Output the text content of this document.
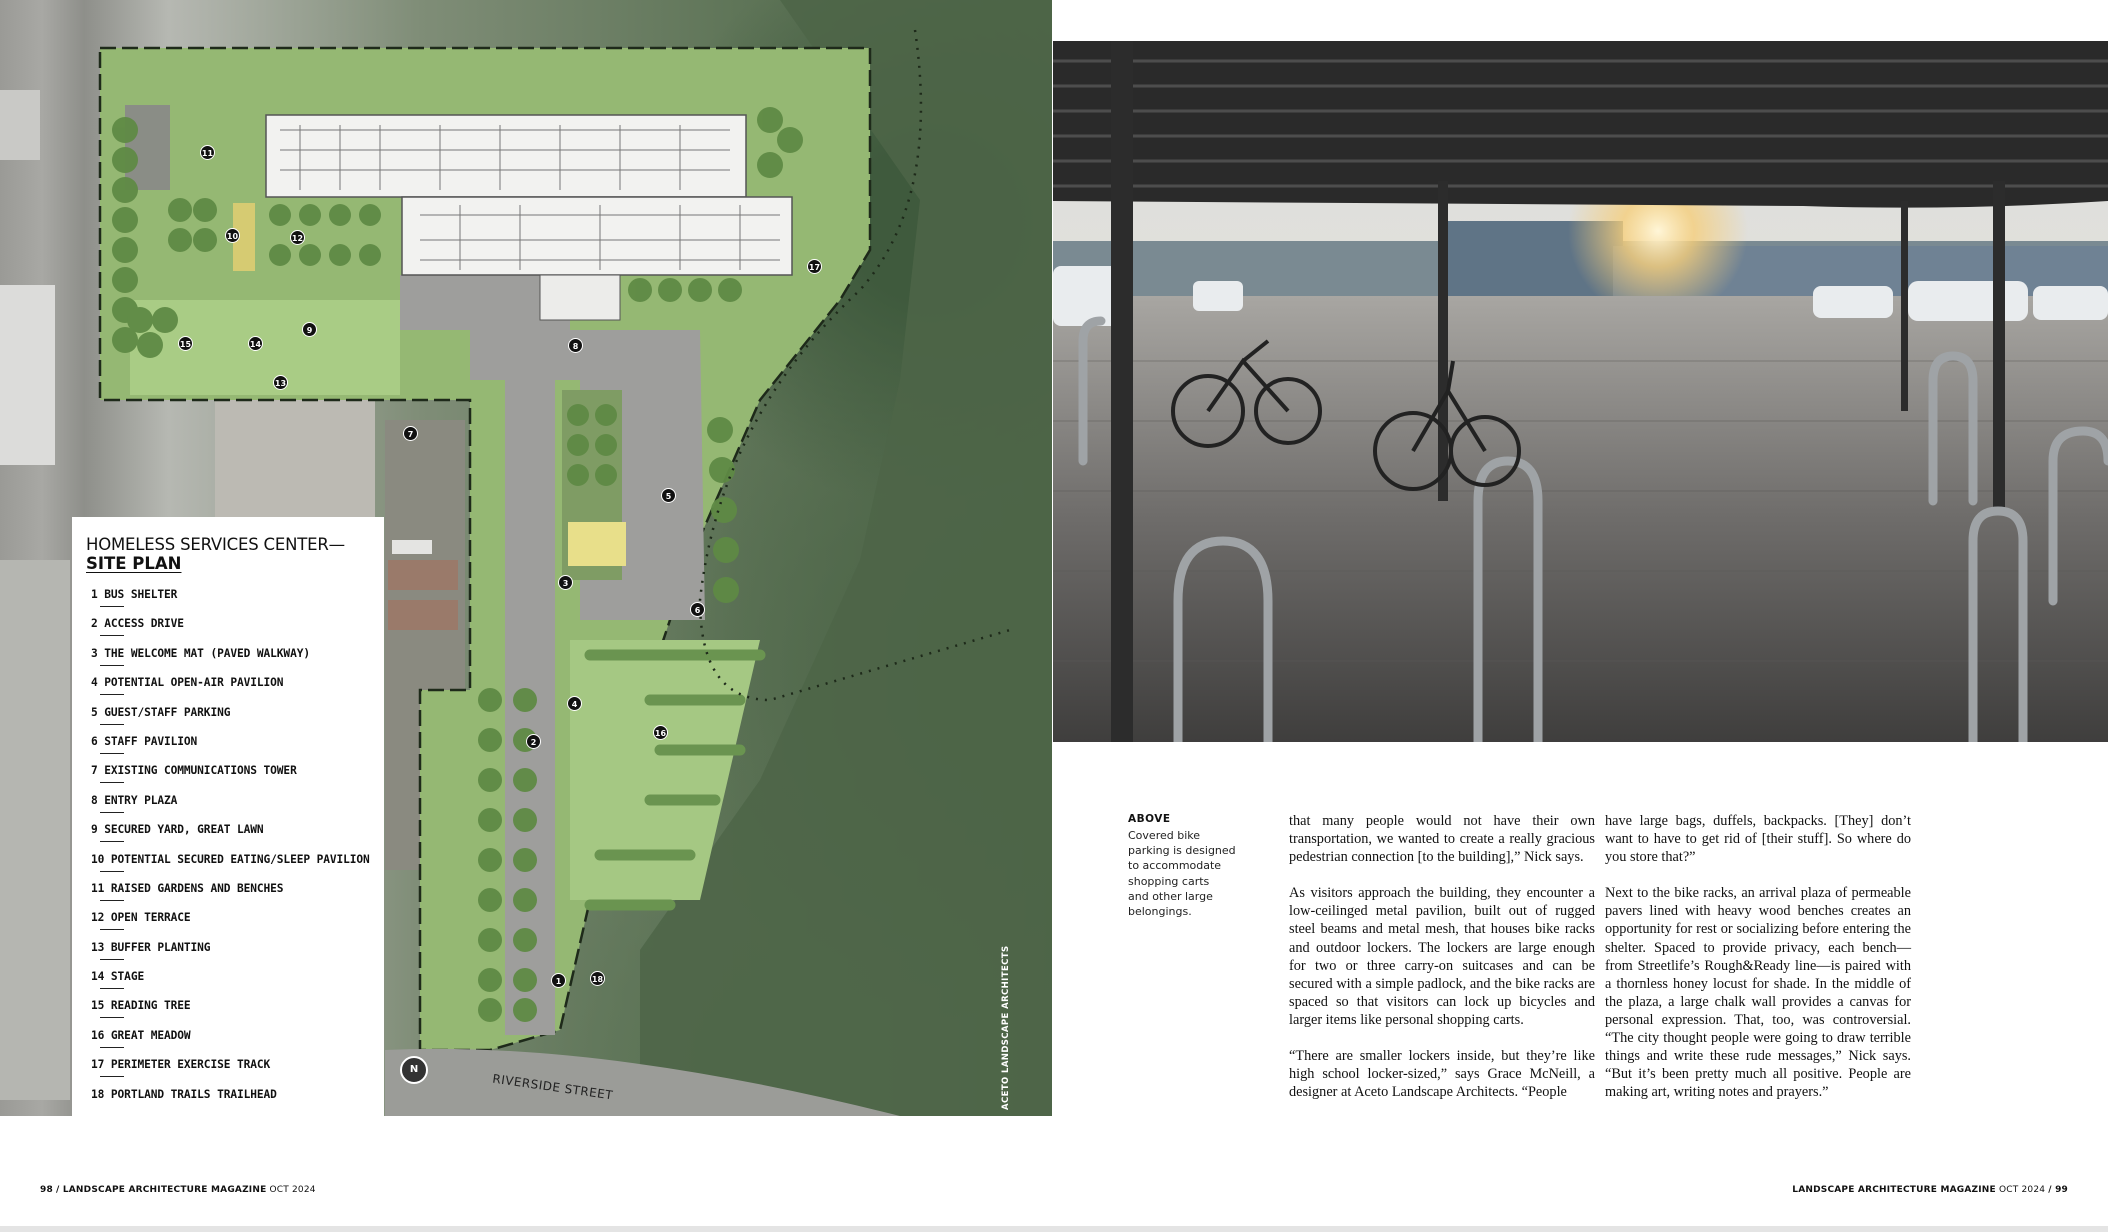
1
2
3
4
5
6
7
8
9
10
11
12
13
14
15
16
17
18
N
RIVERSIDE STREET
HOMELESS SERVICES CENTER—
SITE PLAN
1 BUS SHELTER
2 ACCESS DRIVE
3 THE WELCOME MAT (PAVED WALKWAY)
4 POTENTIAL OPEN-AIR PAVILION
5 GUEST/STAFF PARKING
6 STAFF PAVILION
7 EXISTING COMMUNICATIONS TOWER
8 ENTRY PLAZA
9 SECURED YARD, GREAT LAWN
10 POTENTIAL SECURED EATING/SLEEP PAVILION
11 RAISED GARDENS AND BENCHES
12 OPEN TERRACE
13 BUFFER PLANTING
14 STAGE
15 READING TREE
16 GREAT MEADOW
17 PERIMETER EXERCISE TRACK
18 PORTLAND TRAILS TRAILHEAD	ACETO LANDSCAPE ARCHITECTS
ABOVE
Covered bike
parking is designed
to accommodate
shopping carts
and other large
belongings.

that many people would not have their own transportation, we wanted to create a really gracious pedestrian connection [to the building],” Nick says.

As visitors approach the building, they encounter a low-ceilinged metal pavilion, built out of rugged steel beams and metal mesh, that houses bike racks and outdoor lockers. The lockers are large enough for two or three carry-on suitcases and can be secured with a simple padlock, and the bike racks are spaced so that visitors can lock up bicycles and larger items like personal shopping carts.

“There are smaller lockers inside, but they’re like high school locker-sized,” says Grace McNeill, a designer at Aceto Landscape Architects. “People

have large bags, duffels, backpacks. [They] don’t want to have to get rid of [their stuff]. So where do you store that?”

Next to the bike racks, an arrival plaza of permeable pavers lined with heavy wood benches creates an opportunity for rest or socializing before entering the shelter. Spaced to provide privacy, each bench—from Streetlife’s Rough&Ready line—is paired with a thornless honey locust for shade. In the middle of the plaza, a large chalk wall provides a canvas for personal expression. That, too, was controversial. “The city thought people were going to draw terrible things and write these rude messages,” Nick says. “But it’s been pretty much all positive. People are making art, writing notes and prayers.”

98 / LANDSCAPE ARCHITECTURE MAGAZINE OCT 2024	LANDSCAPE ARCHITECTURE MAGAZINE OCT 2024 / 99
